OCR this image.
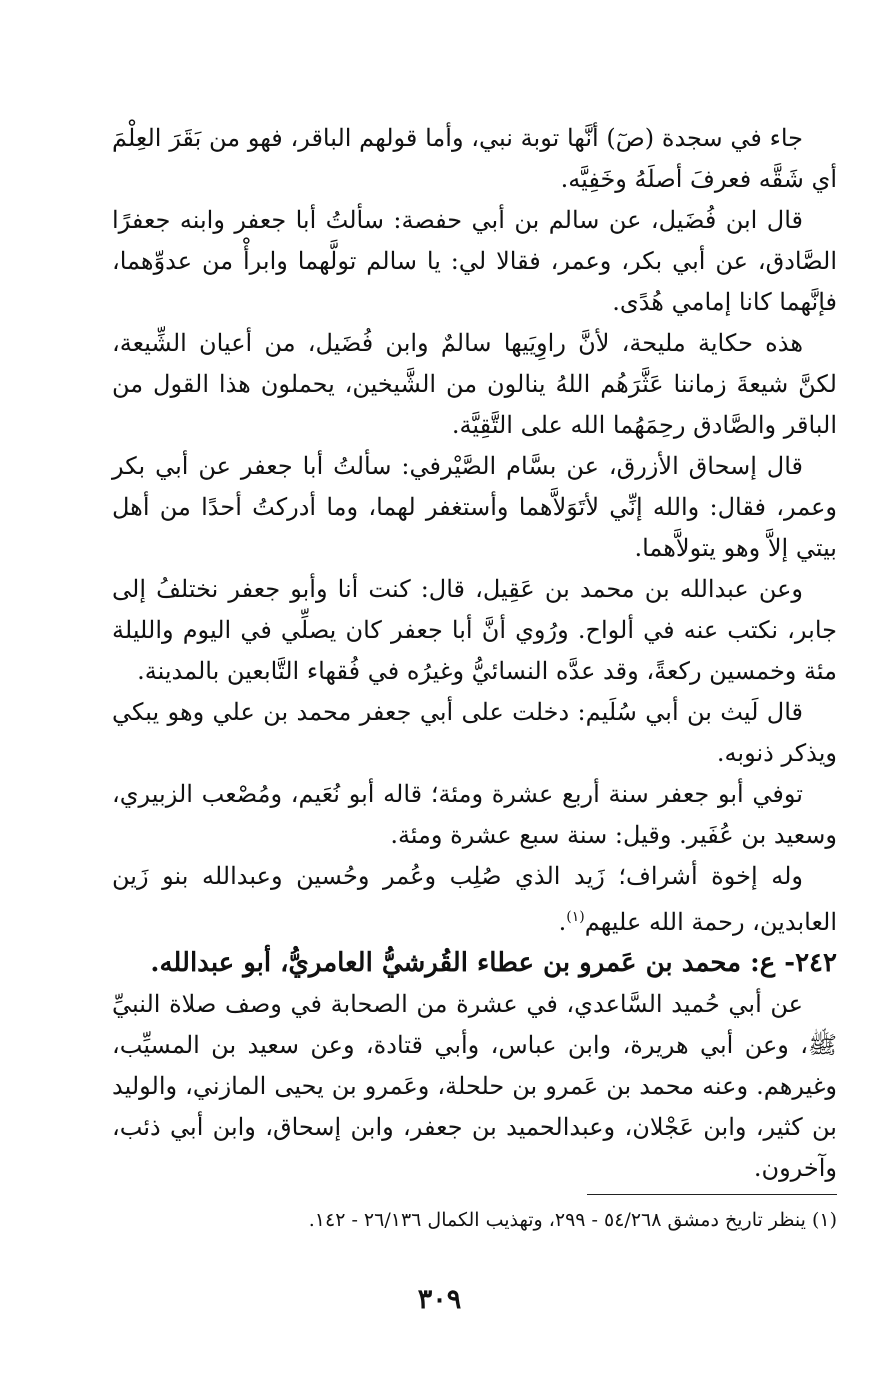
جاء في سجدة (صٓ) أنَّها توبة نبي، وأما قولهم الباقر، فهو من بَقَرَ العِلْمَ أي شَقَّه فعرفَ أصلَهُ وخَفِيَّه.

قال ابن فُضَيل، عن سالم بن أبي حفصة: سألتُ أبا جعفر وابنه جعفرًا الصَّادق، عن أبي بكر، وعمر، فقالا لي: يا سالم تولَّهما وابرأْ من عدوِّهما، فإنَّهما كانا إمامي هُدًى.

هذه حكاية مليحة، لأنَّ راوِيَيها سالمٌ وابن فُضَيل، من أعيان الشِّيعة، لكنَّ شيعةَ زماننا عَثَّرَهُم اللهُ ينالون من الشَّيخين، يحملون هذا القول من الباقر والصَّادق رحِمَهُما الله على التَّقِيَّة.

قال إسحاق الأزرق، عن بسَّام الصَّيْرفي: سألتُ أبا جعفر عن أبي بكر وعمر، فقال: والله إنِّي لأتَوَلاَّهما وأستغفر لهما، وما أدركتُ أحدًا من أهل بيتي إلاَّ وهو يتولاَّهما.

وعن عبدالله بن محمد بن عَقِيل، قال: كنت أنا وأبو جعفر نختلفُ إلى جابر، نكتب عنه في ألواح. ورُوي أنَّ أبا جعفر كان يصلِّي في اليوم والليلة مئة وخمسين ركعةً، وقد عدَّه النسائيُّ وغيرُه في فُقهاء التَّابعين بالمدينة.

قال لَيث بن أبي سُلَيم: دخلت على أبي جعفر محمد بن علي وهو يبكي ويذكر ذنوبه.

توفي أبو جعفر سنة أربع عشرة ومئة؛ قاله أبو نُعَيم، ومُصْعب الزبيري، وسعيد بن عُفَير. وقيل: سنة سبع عشرة ومئة.

وله إخوة أشراف؛ زَيد الذي صُلِب وعُمر وحُسين وعبدالله بنو زَين العابدين، رحمة الله عليهم$^{(١)}$.

٢٤٢- ع: محمد بن عَمرو بن عطاء القُرشيُّ العامريُّ، أبو عبدالله.

عن أبي حُميد السَّاعدي، في عشرة من الصحابة في وصف صلاة النبيِّ ﷺ، وعن أبي هريرة، وابن عباس، وأبي قتادة، وعن سعيد بن المسيِّب، وغيرهم. وعنه محمد بن عَمرو بن حلحلة، وعَمرو بن يحيى المازني، والوليد بن كثير، وابن عَجْلان، وعبدالحميد بن جعفر، وابن إسحاق، وابن أبي ذئب، وآخرون.

(١) ينظر تاريخ دمشق ٥٤/٢٦٨ - ٢٩٩، وتهذيب الكمال ٢٦/١٣٦ - ١٤٢.
٣٠٩
